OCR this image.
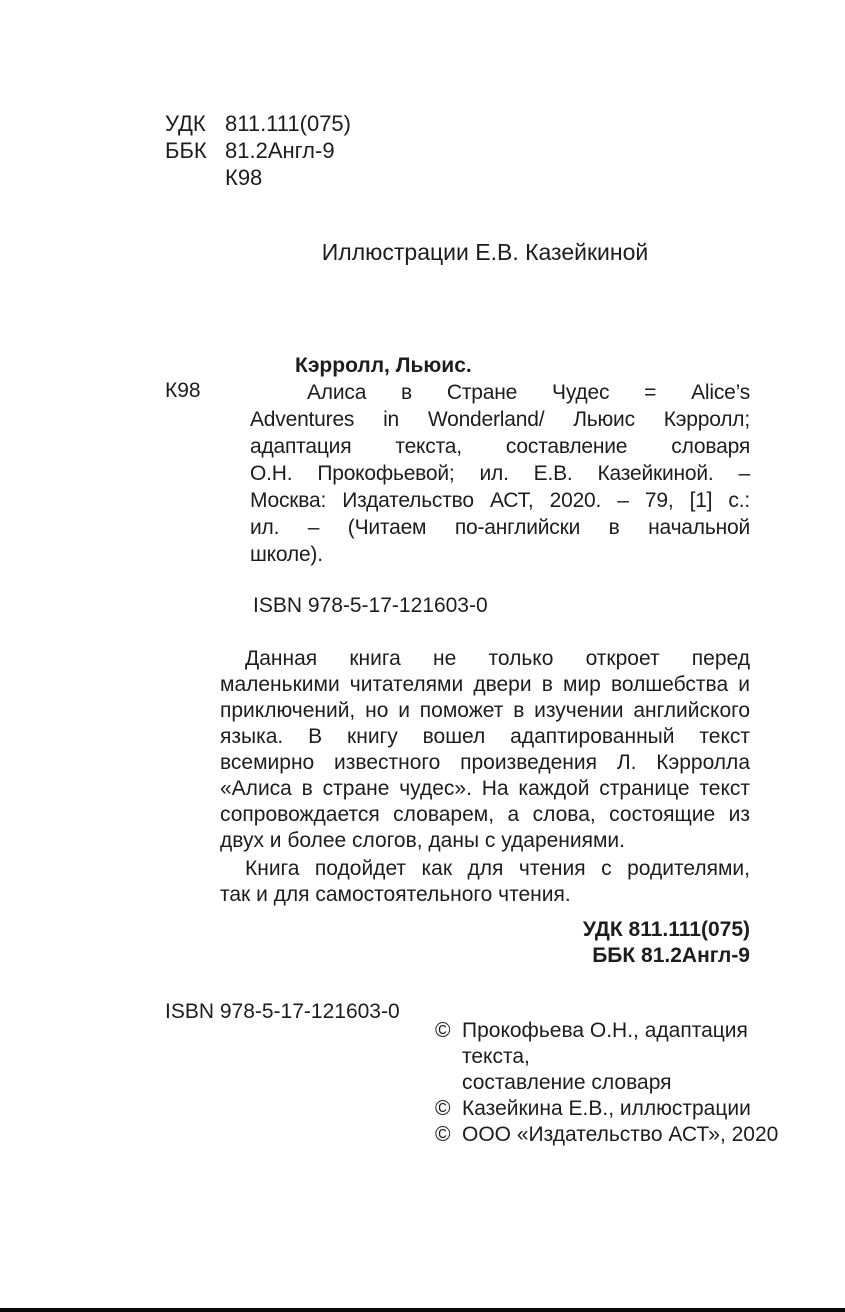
УДК 811.111(075)
ББК 81.2Англ-9
К98
Иллюстрации Е.В. Казейкиной
К98
Кэрролл, Льюис.
Алиса в Стране Чудес = Alice’s
Adventures in Wonderland/ Льюис Кэрролл;
адаптация текста, составление словаря
О.Н. Прокофьевой; ил. Е.В. Казейкиной. –
Москва: Издательство АСТ, 2020. – 79, [1] с.:
ил. – (Читаем по-английски в начальной
школе).
ISBN 978-5-17-121603-0
Данная книга не только откроет перед
маленькими читателями двери в мир волшебства и
приключений, но и поможет в изучении английского
языка. В книгу вошел адаптированный текст
всемирно известного произведения Л. Кэрролла
«Алиса в стране чудес». На каждой странице текст
сопровождается словарем, а слова, состоящие из
двух и более слогов, даны с ударениями.
Книга подойдет как для чтения с родителями,
так и для самостоятельного чтения.
УДК 811.111(075)
ББК 81.2Англ-9
ISBN 978-5-17-121603-0
© Прокофьева О.Н., адаптация текста,
составление словаря
© Казейкина Е.В., иллюстрации
© ООО «Издательство АСТ», 2020
